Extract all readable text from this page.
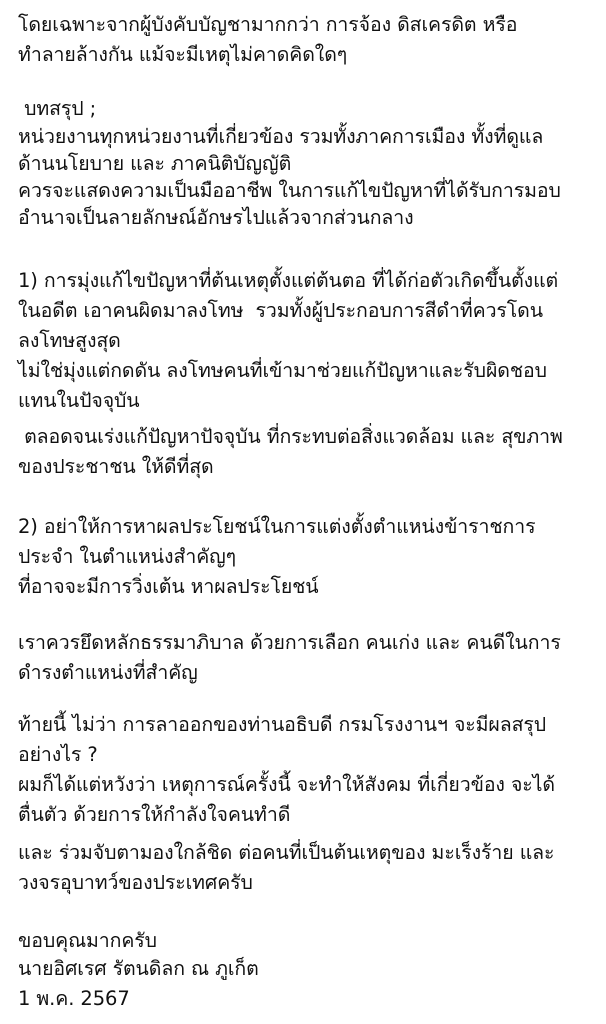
โดยเฉพาะจากผู้บังคับบัญชามากกว่า การจ้อง ดิสเครดิต หรือ
ทำลายล้างกัน แม้จะมีเหตุไม่คาดคิดใดๆ
บทสรุป ;
หน่วยงานทุกหน่วยงานที่เกี่ยวข้อง รวมทั้งภาคการเมือง ทั้งที่ดูแล
ด้านนโยบาย และ ภาคนิติบัญญัติ
ควรจะแสดงความเป็นมืออาชีพ ในการแก้ไขปัญหาที่ได้รับการมอบ
อำนาจเป็นลายลักษณ์อักษรไปแล้วจากส่วนกลาง
1) การมุ่งแก้ไขปัญหาที่ต้นเหตุตั้งแต่ต้นตอ ที่ได้ก่อตัวเกิดขึ้นตั้งแต่
ในอดีต เอาคนผิดมาลงโทษ  รวมทั้งผู้ประกอบการสีดำที่ควรโดน
ลงโทษสูงสุด
ไม่ใช่มุ่งแต่กดดัน ลงโทษคนที่เข้ามาช่วยแก้ปัญหาและรับผิดชอบ
แทนในปัจจุบัน
ตลอดจนเร่งแก้ปัญหาปัจจุบัน ที่กระทบต่อสิ่งแวดล้อม และ สุขภาพ
ของประชาชน ให้ดีที่สุด
2) อย่าให้การหาผลประโยชน์ในการแต่งตั้งตำแหน่งข้าราชการ
ประจำ ในตำแหน่งสำคัญๆ
ที่อาจจะมีการวิ่งเต้น หาผลประโยชน์
เราควรยึดหลักธรรมาภิบาล ด้วยการเลือก คนเก่ง และ คนดีในการ
ดำรงตำแหน่งที่สำคัญ
ท้ายนี้ ไม่ว่า การลาออกของท่านอธิบดี กรมโรงงานฯ จะมีผลสรุป
อย่างไร ?
ผมก็ได้แต่หวังว่า เหตุการณ์ครั้งนี้ จะทำให้สังคม ที่เกี่ยวข้อง จะได้
ตื่นตัว ด้วยการให้กำลังใจคนทำดี
และ ร่วมจับตามองใกล้ชิด ต่อคนที่เป็นต้นเหตุของ มะเร็งร้าย และ
วงจรอุบาทว์ของประเทศครับ
ขอบคุณมากครับ
นายอิศเรศ รัตนดิลก ณ ภูเก็ต
1 พ.ค. 2567
